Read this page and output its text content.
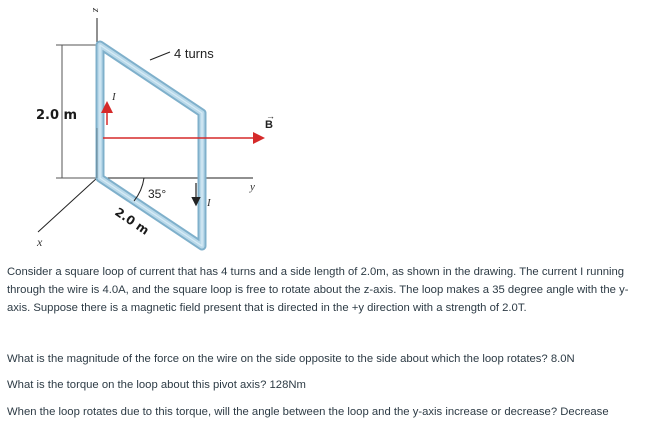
z
x
y
2.0 m
4 turns
I
B
→
I
35°
2.0 m

Consider a square loop of current that has 4 turns and a side length of 2.0m, as shown in the drawing. The current I running through the wire is 4.0A, and the square loop is free to rotate about the z-axis. The loop makes a 35 degree angle with the y-axis. Suppose there is a magnetic field present that is directed in the +y direction with a strength of 2.0T.

What is the magnitude of the force on the wire on the side opposite to the side about which the loop rotates? 8.0N

What is the torque on the loop about this pivot axis? 128Nm

When the loop rotates due to this torque, will the angle between the loop and the y-axis increase or decrease? Decrease
